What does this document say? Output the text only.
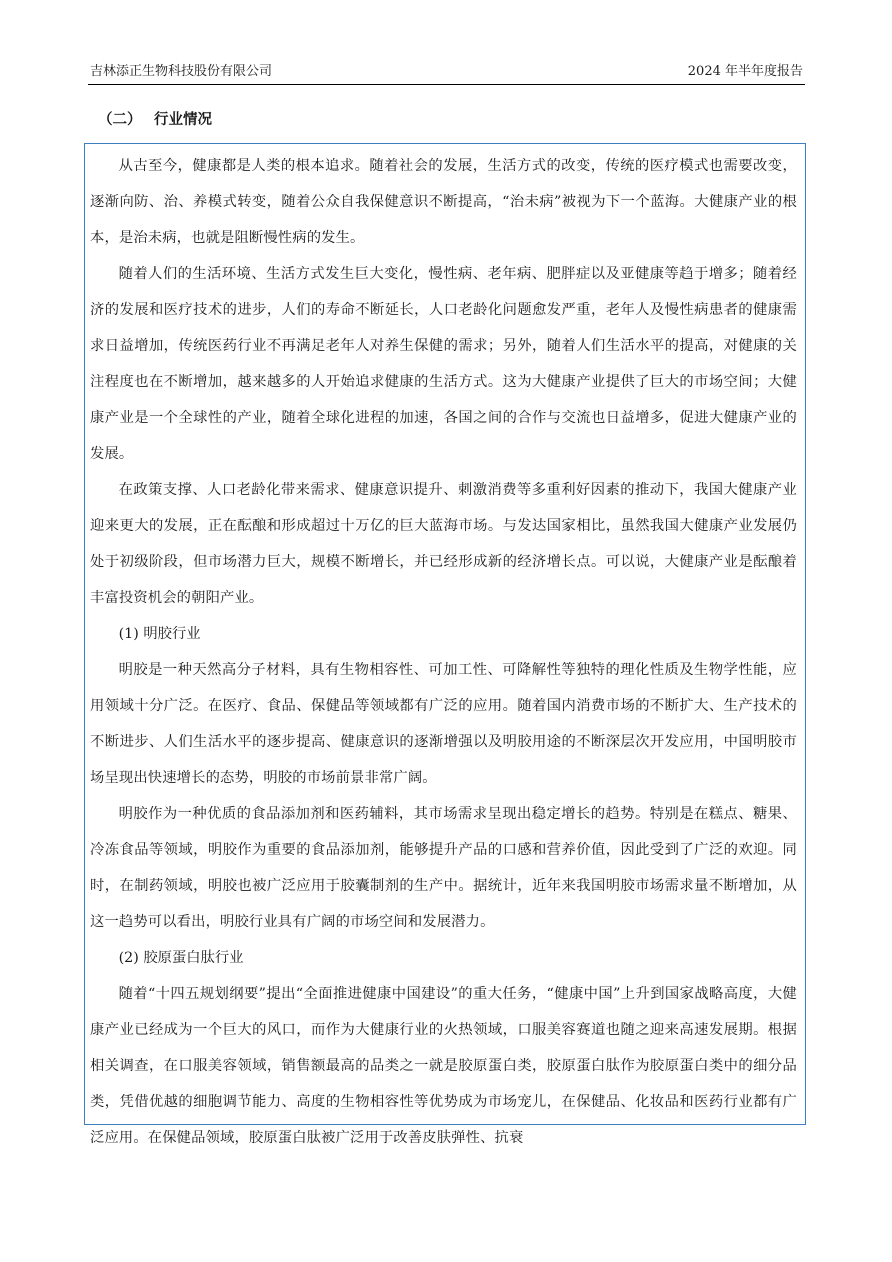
吉林添正生物科技股份有限公司	2024 年半年度报告
（二） 行业情况

从古至今，健康都是人类的根本追求。随着社会的发展，生活方式的改变，传统的医疗模式也需要改变，逐渐向防、治、养模式转变，随着公众自我保健意识不断提高，“治未病”被视为下一个蓝海。大健康产业的根本，是治未病，也就是阻断慢性病的发生。

随着人们的生活环境、生活方式发生巨大变化，慢性病、老年病、肥胖症以及亚健康等趋于增多；随着经济的发展和医疗技术的进步，人们的寿命不断延长，人口老龄化问题愈发严重，老年人及慢性病患者的健康需求日益增加，传统医药行业不再满足老年人对养生保健的需求；另外，随着人们生活水平的提高，对健康的关注程度也在不断增加，越来越多的人开始追求健康的生活方式。这为大健康产业提供了巨大的市场空间；大健康产业是一个全球性的产业，随着全球化进程的加速，各国之间的合作与交流也日益增多，促进大健康产业的发展。

在政策支撑、人口老龄化带来需求、健康意识提升、刺激消费等多重利好因素的推动下，我国大健康产业迎来更大的发展，正在酝酿和形成超过十万亿的巨大蓝海市场。与发达国家相比，虽然我国大健康产业发展仍处于初级阶段，但市场潜力巨大，规模不断增长，并已经形成新的经济增长点。可以说，大健康产业是酝酿着丰富投资机会的朝阳产业。

(1) 明胶行业

明胶是一种天然高分子材料，具有生物相容性、可加工性、可降解性等独特的理化性质及生物学性能，应用领域十分广泛。在医疗、食品、保健品等领域都有广泛的应用。随着国内消费市场的不断扩大、生产技术的不断进步、人们生活水平的逐步提高、健康意识的逐渐增强以及明胶用途的不断深层次开发应用，中国明胶市场呈现出快速增长的态势，明胶的市场前景非常广阔。

明胶作为一种优质的食品添加剂和医药辅料，其市场需求呈现出稳定增长的趋势。特别是在糕点、糖果、冷冻食品等领域，明胶作为重要的食品添加剂，能够提升产品的口感和营养价值，因此受到了广泛的欢迎。同时，在制药领域，明胶也被广泛应用于胶囊制剂的生产中。据统计，近年来我国明胶市场需求量不断增加，从这一趋势可以看出，明胶行业具有广阔的市场空间和发展潜力。

(2) 胶原蛋白肽行业

随着“十四五规划纲要”提出“全面推进健康中国建设”的重大任务，“健康中国”上升到国家战略高度，大健康产业已经成为一个巨大的风口，而作为大健康行业的火热领域，口服美容赛道也随之迎来高速发展期。根据相关调查，在口服美容领域，销售额最高的品类之一就是胶原蛋白类，胶原蛋白肽作为胶原蛋白类中的细分品类，凭借优越的细胞调节能力、高度的生物相容性等优势成为市场宠儿，在保健品、化妆品和医药行业都有广泛应用。在保健品领域，胶原蛋白肽被广泛用于改善皮肤弹性、抗衰
